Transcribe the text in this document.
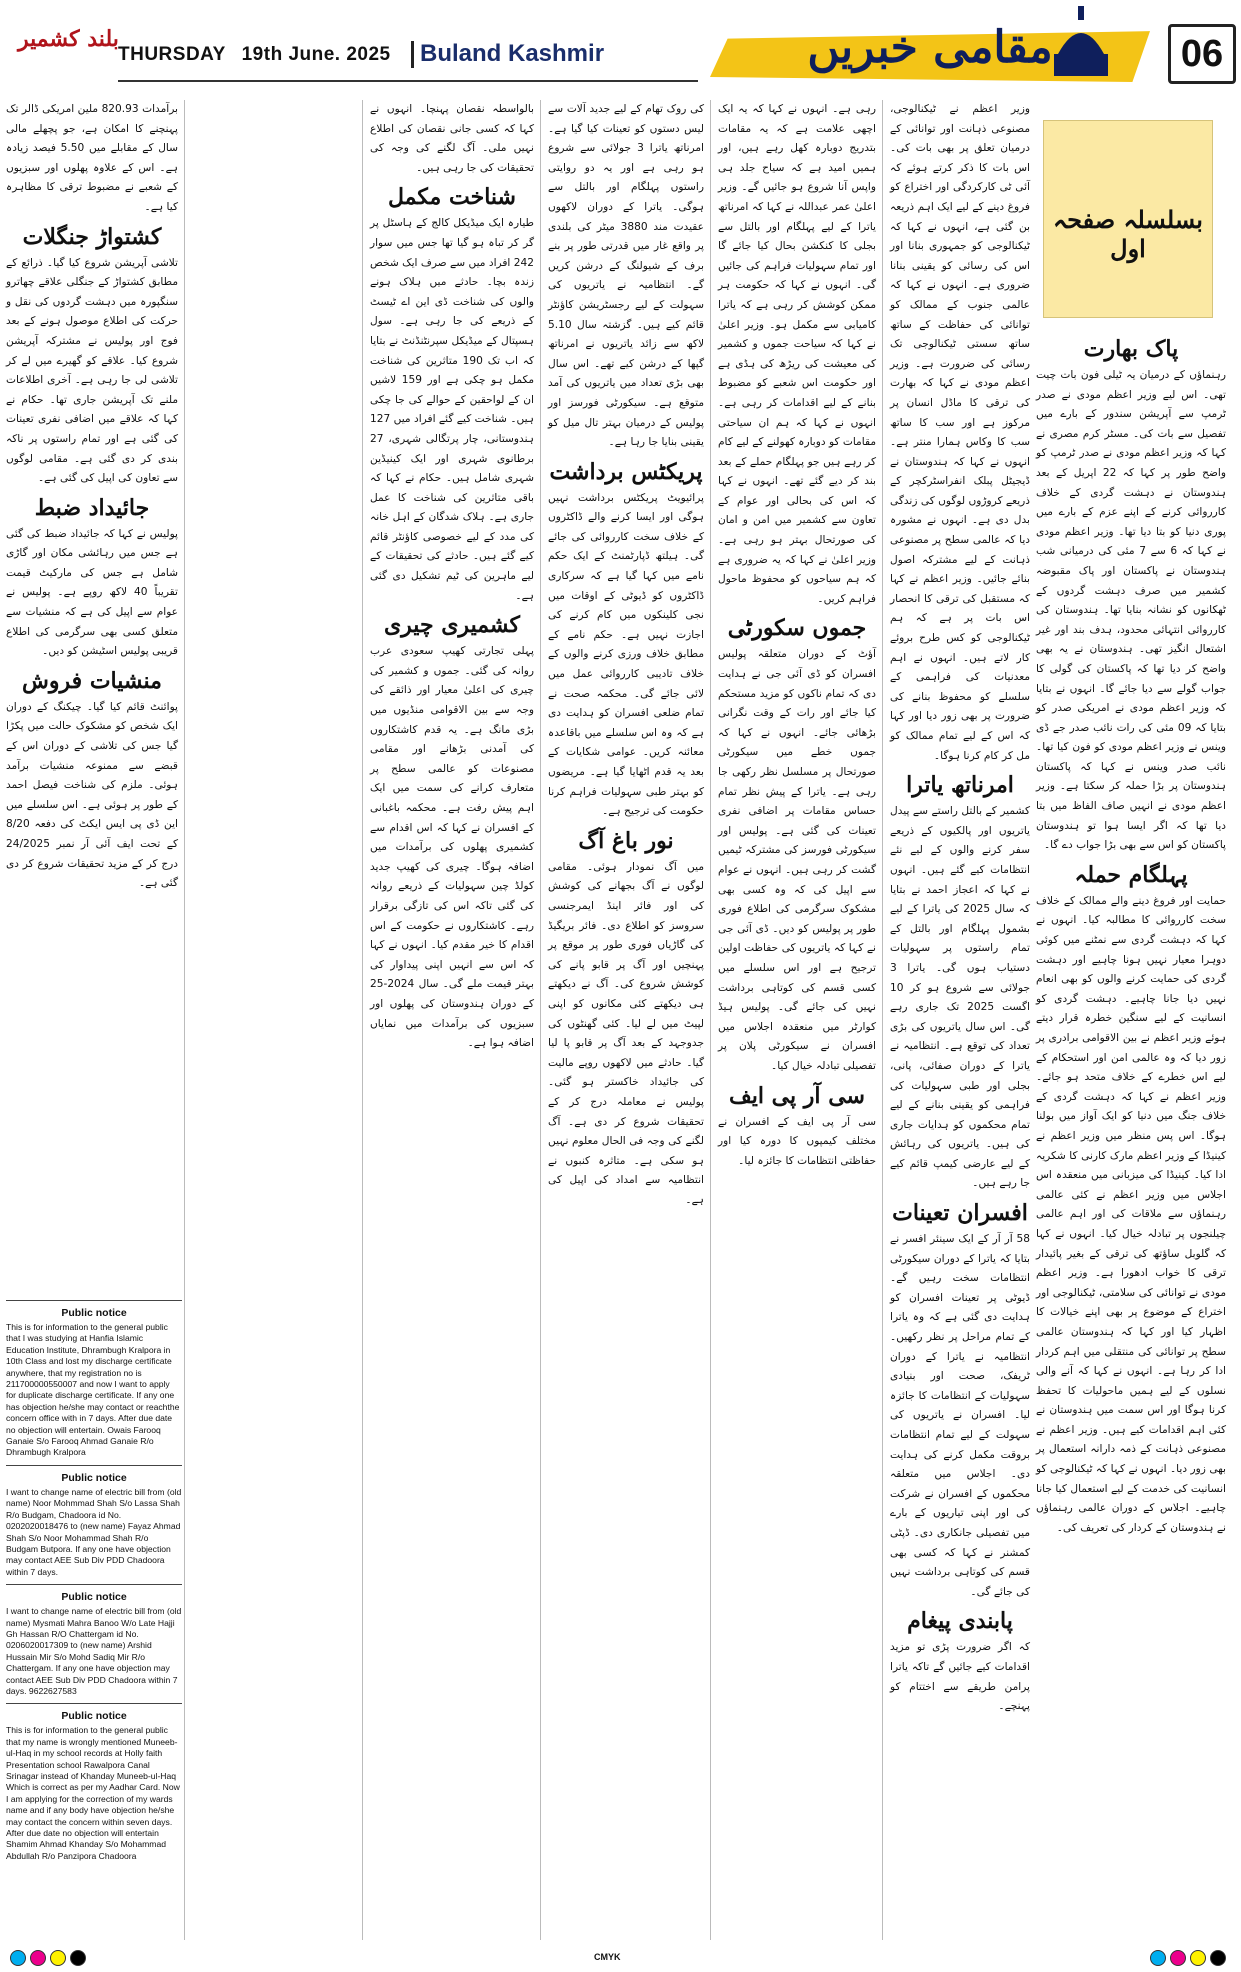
بلند کشمیر
THURSDAY 19th June. 2025	Buland Kashmir	مقامی خبریں	06
بسلسلہ صفحہ اول
پاک بھارت
رہنماؤں کے درمیان یہ ٹیلی فون بات چیت تھی۔ اس لیے وزیر اعظم مودی نے صدر ٹرمپ سے آپریشن سندور کے بارے میں تفصیل سے بات کی۔ مسٹر کرم مصری نے کہا کہ وزیر اعظم مودی نے صدر ٹرمپ کو واضح طور پر کہا کہ 22 اپریل کے بعد ہندوستان نے دہشت گردی کے خلاف کارروائی کرنے کے اپنے عزم کے بارے میں پوری دنیا کو بتا دیا تھا۔ وزیر اعظم مودی نے کہا کہ 6 سے 7 مئی کی درمیانی شب ہندوستان نے پاکستان اور پاک مقبوضہ کشمیر میں صرف دہشت گردوں کے ٹھکانوں کو نشانہ بنایا تھا۔ ہندوستان کی کارروائی انتہائی محدود، ہدف بند اور غیر اشتعال انگیز تھی۔ ہندوستان نے یہ بھی واضح کر دیا تھا کہ پاکستان کی گولی کا جواب گولے سے دیا جائے گا۔ انہوں نے بتایا کہ وزیر اعظم مودی نے امریکی صدر کو بتایا کہ 09 مئی کی رات نائب صدر جے ڈی وینس نے وزیر اعظم مودی کو فون کیا تھا۔ نائب صدر وینس نے کہا کہ پاکستان ہندوستان پر بڑا حملہ کر سکتا ہے۔ وزیر اعظم مودی نے انہیں صاف الفاظ میں بتا دیا تھا کہ اگر ایسا ہوا تو ہندوستان پاکستان کو اس سے بھی بڑا جواب دے گا۔
پہلگام حملہ
حمایت اور فروغ دینے والے ممالک کے خلاف سخت کارروائی کا مطالبہ کیا۔ انہوں نے کہا کہ دہشت گردی سے نمٹنے میں کوئی دوہرا معیار نہیں ہونا چاہیے اور دہشت گردی کی حمایت کرنے والوں کو بھی انعام نہیں دیا جانا چاہیے۔ دہشت گردی کو انسانیت کے لیے سنگین خطرہ قرار دیتے ہوئے وزیر اعظم نے بین الاقوامی برادری پر زور دیا کہ وہ عالمی امن اور استحکام کے لیے اس خطرے کے خلاف متحد ہو جائے۔ وزیر اعظم نے کہا کہ دہشت گردی کے خلاف جنگ میں دنیا کو ایک آواز میں بولنا ہوگا۔ اس پس منظر میں وزیر اعظم نے کینیڈا کے وزیر اعظم مارک کارنی کا شکریہ ادا کیا۔ کینیڈا کی میزبانی میں منعقدہ اس اجلاس میں وزیر اعظم نے کئی عالمی رہنماؤں سے ملاقات کی اور اہم عالمی چیلنجوں پر تبادلہ خیال کیا۔ انہوں نے کہا کہ گلوبل ساؤتھ کی ترقی کے بغیر پائیدار ترقی کا خواب ادھورا ہے۔ وزیر اعظم مودی نے توانائی کی سلامتی، ٹیکنالوجی اور اختراع کے موضوع پر بھی اپنے خیالات کا اظہار کیا اور کہا کہ ہندوستان عالمی سطح پر توانائی کی منتقلی میں اہم کردار ادا کر رہا ہے۔ انہوں نے کہا کہ آنے والی نسلوں کے لیے ہمیں ماحولیات کا تحفظ کرنا ہوگا اور اس سمت میں ہندوستان نے کئی اہم اقدامات کیے ہیں۔ وزیر اعظم نے مصنوعی ذہانت کے ذمہ دارانہ استعمال پر بھی زور دیا۔ انہوں نے کہا کہ ٹیکنالوجی کو انسانیت کی خدمت کے لیے استعمال کیا جانا چاہیے۔ اجلاس کے دوران عالمی رہنماؤں نے ہندوستان کے کردار کی تعریف کی۔
وزیر اعظم نے ٹیکنالوجی، مصنوعی ذہانت اور توانائی کے درمیان تعلق پر بھی بات کی۔ اس بات کا ذکر کرتے ہوئے کہ آئی ٹی کارکردگی اور اختراع کو فروغ دینے کے لیے ایک اہم ذریعہ بن گئی ہے، انہوں نے کہا کہ ٹیکنالوجی کو جمہوری بنانا اور اس کی رسائی کو یقینی بنانا ضروری ہے۔ انہوں نے کہا کہ عالمی جنوب کے ممالک کو توانائی کی حفاظت کے ساتھ ساتھ سستی ٹیکنالوجی تک رسائی کی ضرورت ہے۔ وزیر اعظم مودی نے کہا کہ بھارت کی ترقی کا ماڈل انسان پر مرکوز ہے اور سب کا ساتھ سب کا وکاس ہمارا منتر ہے۔ انہوں نے کہا کہ ہندوستان نے ڈیجیٹل پبلک انفراسٹرکچر کے ذریعے کروڑوں لوگوں کی زندگی بدل دی ہے۔ انہوں نے مشورہ دیا کہ عالمی سطح پر مصنوعی ذہانت کے لیے مشترکہ اصول بنائے جائیں۔ وزیر اعظم نے کہا کہ مستقبل کی ترقی کا انحصار اس بات پر ہے کہ ہم ٹیکنالوجی کو کس طرح بروئے کار لاتے ہیں۔ انہوں نے اہم معدنیات کی فراہمی کے سلسلے کو محفوظ بنانے کی ضرورت پر بھی زور دیا اور کہا کہ اس کے لیے تمام ممالک کو مل کر کام کرنا ہوگا۔
امرناتھ یاترا
کشمیر کے بالتل راستے سے پیدل یاتریوں اور پالکیوں کے ذریعے سفر کرنے والوں کے لیے نئے انتظامات کیے گئے ہیں۔ انہوں نے کہا کہ اعجاز احمد نے بتایا کہ سال 2025 کی یاترا کے لیے بشمول پہلگام اور بالتل کے تمام راستوں پر سہولیات دستیاب ہوں گی۔ یاترا 3 جولائی سے شروع ہو کر 10 اگست 2025 تک جاری رہے گی۔ اس سال یاتریوں کی بڑی تعداد کی توقع ہے۔ انتظامیہ نے یاترا کے دوران صفائی، پانی، بجلی اور طبی سہولیات کی فراہمی کو یقینی بنانے کے لیے تمام محکموں کو ہدایات جاری کی ہیں۔ یاتریوں کی رہائش کے لیے عارضی کیمپ قائم کیے جا رہے ہیں۔
افسران تعینات
58 آر آر کے ایک سینئر افسر نے بتایا کہ یاترا کے دوران سیکورٹی انتظامات سخت رہیں گے۔ ڈیوٹی پر تعینات افسران کو ہدایت دی گئی ہے کہ وہ یاترا کے تمام مراحل پر نظر رکھیں۔ انتظامیہ نے یاترا کے دوران ٹریفک، صحت اور بنیادی سہولیات کے انتظامات کا جائزہ لیا۔ افسران نے یاتریوں کی سہولت کے لیے تمام انتظامات بروقت مکمل کرنے کی ہدایت دی۔ اجلاس میں متعلقہ محکموں کے افسران نے شرکت کی اور اپنی تیاریوں کے بارے میں تفصیلی جانکاری دی۔ ڈپٹی کمشنر نے کہا کہ کسی بھی قسم کی کوتاہی برداشت نہیں کی جائے گی۔
پابندی پیغام
کہ اگر ضرورت پڑی تو مزید اقدامات کیے جائیں گے تاکہ یاترا پرامن طریقے سے اختتام کو پہنچے۔
رہی ہے۔ انہوں نے کہا کہ یہ ایک اچھی علامت ہے کہ یہ مقامات بتدریج دوبارہ کھل رہے ہیں، اور ہمیں امید ہے کہ سیاح جلد ہی واپس آنا شروع ہو جائیں گے۔ وزیر اعلیٰ عمر عبداللہ نے کہا کہ امرناتھ یاترا کے لیے پہلگام اور بالتل سے بجلی کا کنکشن بحال کیا جائے گا اور تمام سہولیات فراہم کی جائیں گی۔ انہوں نے کہا کہ حکومت ہر ممکن کوشش کر رہی ہے کہ یاترا کامیابی سے مکمل ہو۔ وزیر اعلیٰ نے کہا کہ سیاحت جموں و کشمیر کی معیشت کی ریڑھ کی ہڈی ہے اور حکومت اس شعبے کو مضبوط بنانے کے لیے اقدامات کر رہی ہے۔ انہوں نے کہا کہ ہم ان سیاحتی مقامات کو دوبارہ کھولنے کے لیے کام کر رہے ہیں جو پہلگام حملے کے بعد بند کر دیے گئے تھے۔ انہوں نے کہا کہ اس کی بحالی اور عوام کے تعاون سے کشمیر میں امن و امان کی صورتحال بہتر ہو رہی ہے۔ وزیر اعلیٰ نے کہا کہ یہ ضروری ہے کہ ہم سیاحوں کو محفوظ ماحول فراہم کریں۔
جموں سکورٹی
آؤٹ کے دوران متعلقہ پولیس افسران کو ڈی آئی جی نے ہدایت دی کہ تمام ناکوں کو مزید مستحکم کیا جائے اور رات کے وقت نگرانی بڑھائی جائے۔ انہوں نے کہا کہ جموں خطے میں سیکورٹی صورتحال پر مسلسل نظر رکھی جا رہی ہے۔ یاترا کے پیش نظر تمام حساس مقامات پر اضافی نفری تعینات کی گئی ہے۔ پولیس اور سیکورٹی فورسز کی مشترکہ ٹیمیں گشت کر رہی ہیں۔ انہوں نے عوام سے اپیل کی کہ وہ کسی بھی مشکوک سرگرمی کی اطلاع فوری طور پر پولیس کو دیں۔ ڈی آئی جی نے کہا کہ یاتریوں کی حفاظت اولین ترجیح ہے اور اس سلسلے میں کسی قسم کی کوتاہی برداشت نہیں کی جائے گی۔ پولیس ہیڈ کوارٹر میں منعقدہ اجلاس میں افسران نے سیکورٹی پلان پر تفصیلی تبادلہ خیال کیا۔
سی آر پی ایف
سی آر پی ایف کے افسران نے مختلف کیمپوں کا دورہ کیا اور حفاظتی انتظامات کا جائزہ لیا۔
کی روک تھام کے لیے جدید آلات سے لیس دستوں کو تعینات کیا گیا ہے۔ امرناتھ یاترا 3 جولائی سے شروع ہو رہی ہے اور یہ دو روایتی راستوں پہلگام اور بالتل سے ہوگی۔ یاترا کے دوران لاکھوں عقیدت مند 3880 میٹر کی بلندی پر واقع غار میں قدرتی طور پر بنے برف کے شیولنگ کے درشن کریں گے۔ انتظامیہ نے یاتریوں کی سہولت کے لیے رجسٹریشن کاؤنٹر قائم کیے ہیں۔ گزشتہ سال 5.10 لاکھ سے زائد یاتریوں نے امرناتھ گپھا کے درشن کیے تھے۔ اس سال بھی بڑی تعداد میں یاتریوں کی آمد متوقع ہے۔ سیکورٹی فورسز اور پولیس کے درمیان بہتر تال میل کو یقینی بنایا جا رہا ہے۔
پریکٹس برداشت
پرائیویٹ پریکٹس برداشت نہیں ہوگی اور ایسا کرنے والے ڈاکٹروں کے خلاف سخت کارروائی کی جائے گی۔ ہیلتھ ڈپارٹمنٹ کے ایک حکم نامے میں کہا گیا ہے کہ سرکاری ڈاکٹروں کو ڈیوٹی کے اوقات میں نجی کلینکوں میں کام کرنے کی اجازت نہیں ہے۔ حکم نامے کے مطابق خلاف ورزی کرنے والوں کے خلاف تادیبی کارروائی عمل میں لائی جائے گی۔ محکمہ صحت نے تمام ضلعی افسران کو ہدایت دی ہے کہ وہ اس سلسلے میں باقاعدہ معائنہ کریں۔ عوامی شکایات کے بعد یہ قدم اٹھایا گیا ہے۔ مریضوں کو بہتر طبی سہولیات فراہم کرنا حکومت کی ترجیح ہے۔
نور باغ آگ
میں آگ نمودار ہوئی۔ مقامی لوگوں نے آگ بجھانے کی کوشش کی اور فائر اینڈ ایمرجنسی سروسز کو اطلاع دی۔ فائر بریگیڈ کی گاڑیاں فوری طور پر موقع پر پہنچیں اور آگ پر قابو پانے کی کوشش شروع کی۔ آگ نے دیکھتے ہی دیکھتے کئی مکانوں کو اپنی لپیٹ میں لے لیا۔ کئی گھنٹوں کی جدوجہد کے بعد آگ پر قابو پا لیا گیا۔ حادثے میں لاکھوں روپے مالیت کی جائیداد خاکستر ہو گئی۔ پولیس نے معاملہ درج کر کے تحقیقات شروع کر دی ہے۔ آگ لگنے کی وجہ فی الحال معلوم نہیں ہو سکی ہے۔ متاثرہ کنبوں نے انتظامیہ سے امداد کی اپیل کی ہے۔
بالواسطہ نقصان پہنچا۔ انہوں نے کہا کہ کسی جانی نقصان کی اطلاع نہیں ملی۔ آگ لگنے کی وجہ کی تحقیقات کی جا رہی ہیں۔
شناخت مکمل
طیارہ ایک میڈیکل کالج کے ہاسٹل پر گر کر تباہ ہو گیا تھا جس میں سوار 242 افراد میں سے صرف ایک شخص زندہ بچا۔ حادثے میں ہلاک ہونے والوں کی شناخت ڈی این اے ٹیسٹ کے ذریعے کی جا رہی ہے۔ سول ہسپتال کے میڈیکل سپرنٹنڈنٹ نے بتایا کہ اب تک 190 متاثرین کی شناخت مکمل ہو چکی ہے اور 159 لاشیں ان کے لواحقین کے حوالے کی جا چکی ہیں۔ شناخت کیے گئے افراد میں 127 ہندوستانی، چار پرتگالی شہری، 27 برطانوی شہری اور ایک کینیڈین شہری شامل ہیں۔ حکام نے کہا کہ باقی متاثرین کی شناخت کا عمل جاری ہے۔ ہلاک شدگان کے اہل خانہ کی مدد کے لیے خصوصی کاؤنٹر قائم کیے گئے ہیں۔ حادثے کی تحقیقات کے لیے ماہرین کی ٹیم تشکیل دی گئی ہے۔
کشمیری چیری
پہلی تجارتی کھیپ سعودی عرب روانہ کی گئی۔ جموں و کشمیر کی چیری کی اعلیٰ معیار اور ذائقے کی وجہ سے بین الاقوامی منڈیوں میں بڑی مانگ ہے۔ یہ قدم کاشتکاروں کی آمدنی بڑھانے اور مقامی مصنوعات کو عالمی سطح پر متعارف کرانے کی سمت میں ایک اہم پیش رفت ہے۔ محکمہ باغبانی کے افسران نے کہا کہ اس اقدام سے کشمیری پھلوں کی برآمدات میں اضافہ ہوگا۔ چیری کی کھیپ جدید کولڈ چین سہولیات کے ذریعے روانہ کی گئی تاکہ اس کی تازگی برقرار رہے۔ کاشتکاروں نے حکومت کے اس اقدام کا خیر مقدم کیا۔ انہوں نے کہا کہ اس سے انہیں اپنی پیداوار کی بہتر قیمت ملے گی۔ سال 2024-25 کے دوران ہندوستان کی پھلوں اور سبزیوں کی برآمدات میں نمایاں اضافہ ہوا ہے۔
برآمدات 820.93 ملین امریکی ڈالر تک پہنچنے کا امکان ہے، جو پچھلے مالی سال کے مقابلے میں 5.50 فیصد زیادہ ہے۔ اس کے علاوہ پھلوں اور سبزیوں کے شعبے نے مضبوط ترقی کا مظاہرہ کیا ہے۔
کشتواڑ جنگلات
تلاشی آپریشن شروع کیا گیا۔ ذرائع کے مطابق کشتواڑ کے جنگلی علاقے چھاترو سنگپورہ میں دہشت گردوں کی نقل و حرکت کی اطلاع موصول ہونے کے بعد فوج اور پولیس نے مشترکہ آپریشن شروع کیا۔ علاقے کو گھیرے میں لے کر تلاشی لی جا رہی ہے۔ آخری اطلاعات ملنے تک آپریشن جاری تھا۔ حکام نے کہا کہ علاقے میں اضافی نفری تعینات کی گئی ہے اور تمام راستوں پر ناکہ بندی کر دی گئی ہے۔ مقامی لوگوں سے تعاون کی اپیل کی گئی ہے۔
جائیداد ضبط
پولیس نے کہا کہ جائیداد ضبط کی گئی ہے جس میں رہائشی مکان اور گاڑی شامل ہے جس کی مارکیٹ قیمت تقریباً 40 لاکھ روپے ہے۔ پولیس نے عوام سے اپیل کی ہے کہ منشیات سے متعلق کسی بھی سرگرمی کی اطلاع قریبی پولیس اسٹیشن کو دیں۔
منشیات فروش
پوائنٹ قائم کیا گیا۔ چیکنگ کے دوران ایک شخص کو مشکوک حالت میں پکڑا گیا جس کی تلاشی کے دوران اس کے قبضے سے ممنوعہ منشیات برآمد ہوئی۔ ملزم کی شناخت فیصل احمد کے طور پر ہوئی ہے۔ اس سلسلے میں این ڈی پی ایس ایکٹ کی دفعہ 8/20 کے تحت ایف آئی آر نمبر 24/2025 درج کر کے مزید تحقیقات شروع کر دی گئی ہے۔
Public notice

This is for information to the general public that I was studying at Hanfia Islamic Education Institute, Dhrambugh Kralpora in 10th Class and lost my discharge certificate anywhere, that my registration no is 211700000550007 and now I want to apply for duplicate discharge certificate. If any one has objection he/she may contact or reachthe concern office with in 7 days. After due date no objection will entertain. Owais Farooq Ganaie S/o Farooq Ahmad Ganaie R/o Dhrambugh Kralpora

Public notice

I want to change name of electric bill from (old name) Noor Mohmmad Shah S/o Lassa Shah R/o Budgam, Chadoora id No. 0202020018476 to (new name) Fayaz Ahmad Shah S/o Noor Mohammad Shah R/o Budgam Butpora. If any one have objection may contact AEE Sub Div PDD Chadoora within 7 days.

Public notice

I want to change name of electric bill from (old name) Mysmati Mahra Banoo W/o Late Hajji Gh Hassan R/O Chattergam id No. 0206020017309 to (new name) Arshid Hussain Mir S/o Mohd Sadiq Mir R/o Chattergam. If any one have objection may contact AEE Sub Div PDD Chadoora within 7 days. 9622627583

Public notice

This is for information to the general public that my name is wrongly mentioned Muneeb-ul-Haq in my school records at Holly faith Presentation school Rawalpora Canal Srinagar instead of Khanday Muneeb-ul-Haq Which is correct as per my Aadhar Card. Now I am applying for the correction of my wards name and if any body have objection he/she may contact the concern within seven days. After due date no objection will entertain Shamim Ahmad Khanday S/o Mohammad Abdullah R/o Panzipora Chadoora

CMYK
